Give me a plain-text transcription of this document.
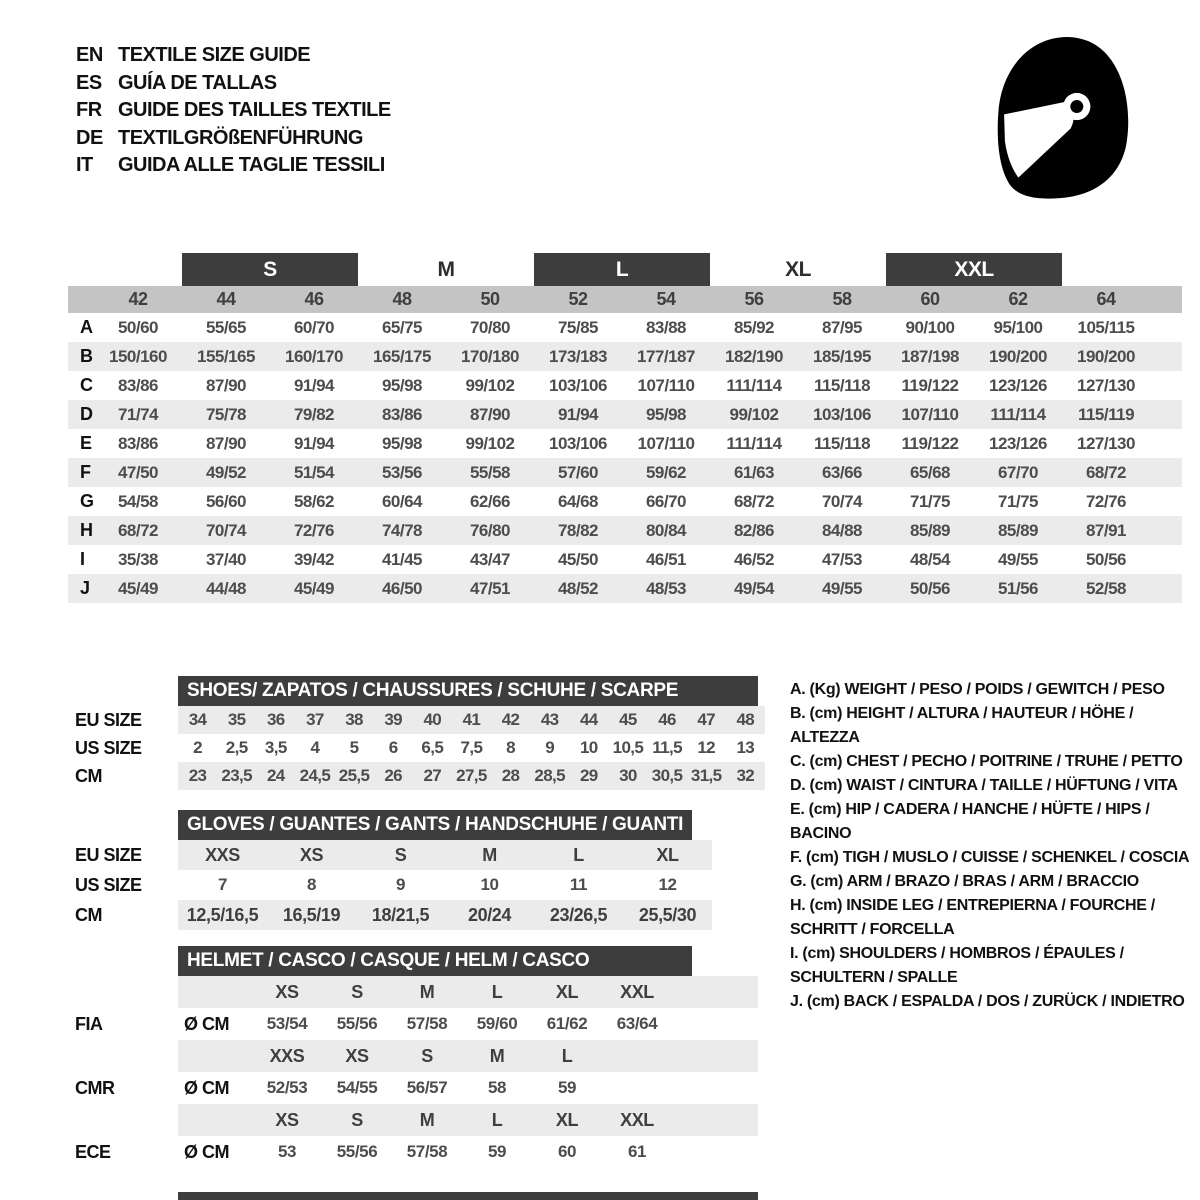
EN TEXTILE SIZE GUIDE
ES GUÍA DE TALLAS
FR GUIDE DES TAILLES TEXTILE
DE TEXTILGRÖßENFÜHRUNG
IT	GUIDA ALLE TAGLIE TESSILI
S	M	L	XL	XXL
42	44	46	48	50	52	54	56	58	60	62	64
A	50/60	55/65	60/70	65/75	70/80	75/85	83/88	85/92	87/95	90/100	95/100	105/115
B 150/160	155/165	160/170	165/175	170/180	173/183	177/187	182/190	185/195	187/198	190/200	190/200
C	83/86	87/90	91/94	95/98	99/102	103/106	107/110	111/114	115/118	119/122	123/126	127/130
D	71/74	75/78	79/82	83/86	87/90	91/94	95/98	99/102	103/106	107/110	111/114	115/119
E	83/86	87/90	91/94	95/98	99/102	103/106	107/110	111/114	115/118	119/122	123/126	127/130
F	47/50	49/52	51/54	53/56	55/58	57/60	59/62	61/63	63/66	65/68	67/70	68/72
G	54/58	56/60	58/62	60/64	62/66	64/68	66/70	68/72	70/74	71/75	71/75	72/76
H	68/72	70/74	72/76	74/78	76/80	78/82	80/84	82/86	84/88	85/89	85/89	87/91
I	35/38	37/40	39/42	41/45	43/47	45/50	46/51	46/52	47/53	48/54	49/55	50/56
J	45/49	44/48	45/49	46/50	47/51	48/52	48/53	49/54	49/55	50/56	51/56	52/58
SHOES/ ZAPATOS / CHAUSSURES / SCHUHE / SCARPE
EU SIZE	34	35	36	37	38	39	40	41	42	43	44	45	46	47	48
US SIZE	2	2,5	3,5	4	5	6	6,5	7,5	8	9	10 10,5 11,5 12	13
CM	23 23,5 24 24,5 25,5 26	27 27,5 28 28,5 29	30 30,5 31,5 32
GLOVES / GUANTES / GANTS / HANDSCHUHE / GUANTI
EU SIZE	XXS	XS	S	M	L	XL
US SIZE	7	8	9	10	11	12
CM	12,5/16,5	16,5/19	18/21,5	20/24	23/26,5	25,5/30
HELMET / CASCO / CASQUE / HELM / CASCO
XS	S	M	L	XL	XXL
FIA	Ø CM	53/54	55/56	57/58	59/60	61/62	63/64
XXS	XS	S	M	L
CMR	Ø CM	52/53	54/55	56/57	58	59
XS	S	M	L	XL	XXL
ECE	Ø CM	53	55/56	57/58	59	60	61
A. (Kg) WEIGHT / PESO / POIDS / GEWITCH / PESO
B. (cm) HEIGHT / ALTURA / HAUTEUR / HÖHE / ALTEZZA
C. (cm) CHEST / PECHO / POITRINE / TRUHE / PETTO
D. (cm) WAIST / CINTURA / TAILLE / HÜFTUNG / VITA
E. (cm) HIP / CADERA / HANCHE / HÜFTE / HIPS / BACINO
F. (cm) TIGH / MUSLO / CUISSE / SCHENKEL / COSCIA
G. (cm) ARM / BRAZO / BRAS / ARM / BRACCIO
H. (cm) INSIDE LEG / ENTREPIERNA / FOURCHE / SCHRITT / FORCELLA
I. (cm) SHOULDERS / HOMBROS / ÉPAULES / SCHULTERN / SPALLE
J. (cm) BACK / ESPALDA / DOS / ZURÜCK / INDIETRO
